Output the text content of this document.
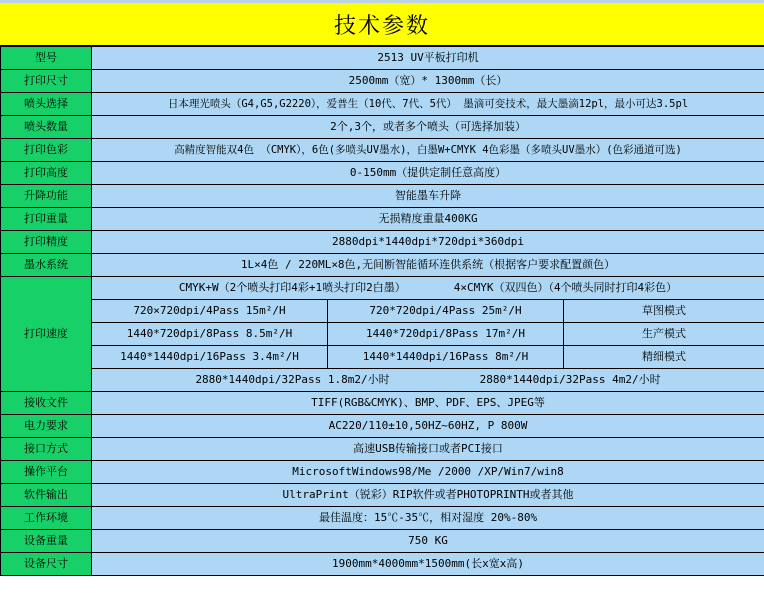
技术参数
型号	2513 UV平板打印机		
打印尺寸	2500mm（宽）* 1300mm（长）		
喷头选择	日本理光喷头（G4,G5,G2220），爱普生（10代、7代、5代） 墨滴可变技术，最大墨滴12pl，最小可达3.5pl		
喷头数量	2个,3个，或者多个喷头（可选择加装）		
打印色彩	高精度智能双4色 （CMYK），6色(多喷头UV墨水)，白墨W+CMYK 4色彩墨（多喷头UV墨水）(色彩通道可选)		
打印高度	0-150mm（提供定制任意高度）		
升降功能	智能墨车升降		
打印重量	无损精度重量400KG		
打印精度	2880dpi*1440dpi*720dpi*360dpi		
墨水系统	1L×4色 / 220ML×8色,无间断智能循环连供系统（根据客户要求配置颜色）		
打印速度	CMYK+W（2个喷头打印4彩+1喷头打印2白墨） 4×CMYK（双四色）（4个喷头同时打印4彩色）		

	720×720dpi/4Pass 15m²/H	720*720dpi/4Pass 25m²/H	草图模式
	1440*720dpi/8Pass 8.5m²/H	1440*720dpi/8Pass 17m²/H	生产模式
	1440*1440dpi/16Pass 3.4m²/H	1440*1440dpi/16Pass 8m²/H	精细模式

	2880*1440dpi/32Pass 1.8m2/小时 2880*1440dpi/32Pass 4m2/小时		

接收文件	TIFF(RGB&CMYK)、BMP、PDF、EPS、JPEG等		
电力要求	AC220/110±10,50HZ~60HZ, P 800W		
接口方式	高速USB传输接口或者PCI接口		
操作平台	MicrosoftWindows98/Me /2000 /XP/Win7/win8		
软件输出	UltraPrint（锐彩）RIP软件或者PHOTOPRINTH或者其他		
工作环境	最佳温度：15℃-35℃，相对湿度 20%-80%		
设备重量	750 KG		
设备尺寸	1900mm*4000mm*1500mm(长x宽x高)		
